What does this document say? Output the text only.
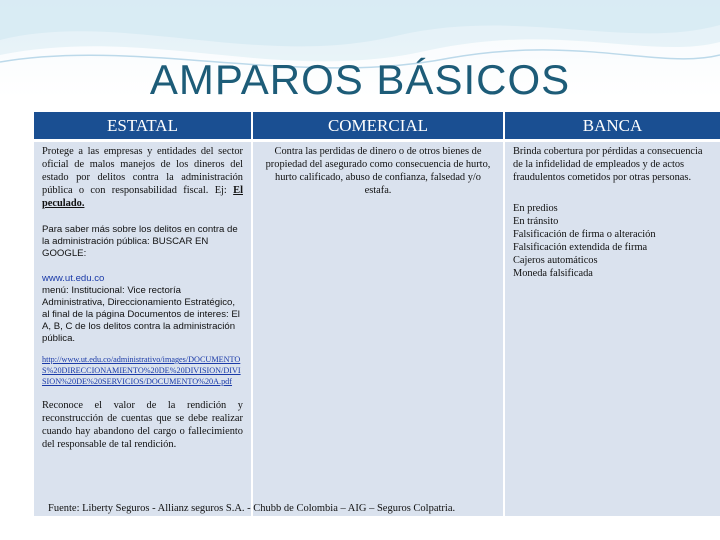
AMPAROS BÁSICOS
ESTATAL	COMERCIAL	BANCA

Protege a las empresas y entidades del sector oficial de malos manejos de los dineros del estado por delitos contra la administración pública o con responsabilidad fiscal. Ej: El peculado.

Para saber más sobre los delitos en contra de la administración pública: BUSCAR EN GOOGLE:

www.ut.edu.co

menú: Institucional: Vice rectoría Administrativa, Direccionamiento Estratégico, al final de la página Documentos de interes: El A, B, C de los delitos contra la administración pública.

http://www.ut.edu.co/administrativo/images/DOCUMENTOS%20DIRECCIONAMIENTO%20DE%20DIVISION/DIVISION%20DE%20SERVICIOS/DOCUMENTO%20A.pdf

Reconoce el valor de la rendición y reconstrucción de cuentas que se debe realizar cuando hay abandono del cargo o fallecimiento del responsable de tal rendición.

Contra las perdidas de dinero o de otros bienes de propiedad del asegurado como consecuencia de hurto, hurto calificado, abuso de confianza, falsedad y/o estafa.

Brinda cobertura por pérdidas a consecuencia de la infidelidad de empleados y de actos fraudulentos cometidos por otras personas.

En predios
En tránsito
Falsificación de firma o alteración
Falsificación extendida de firma
Cajeros automáticos
Moneda falsificada

Fuente: Liberty Seguros - Allianz seguros S.A. - Chubb de Colombia – AIG – Seguros Colpatria.
